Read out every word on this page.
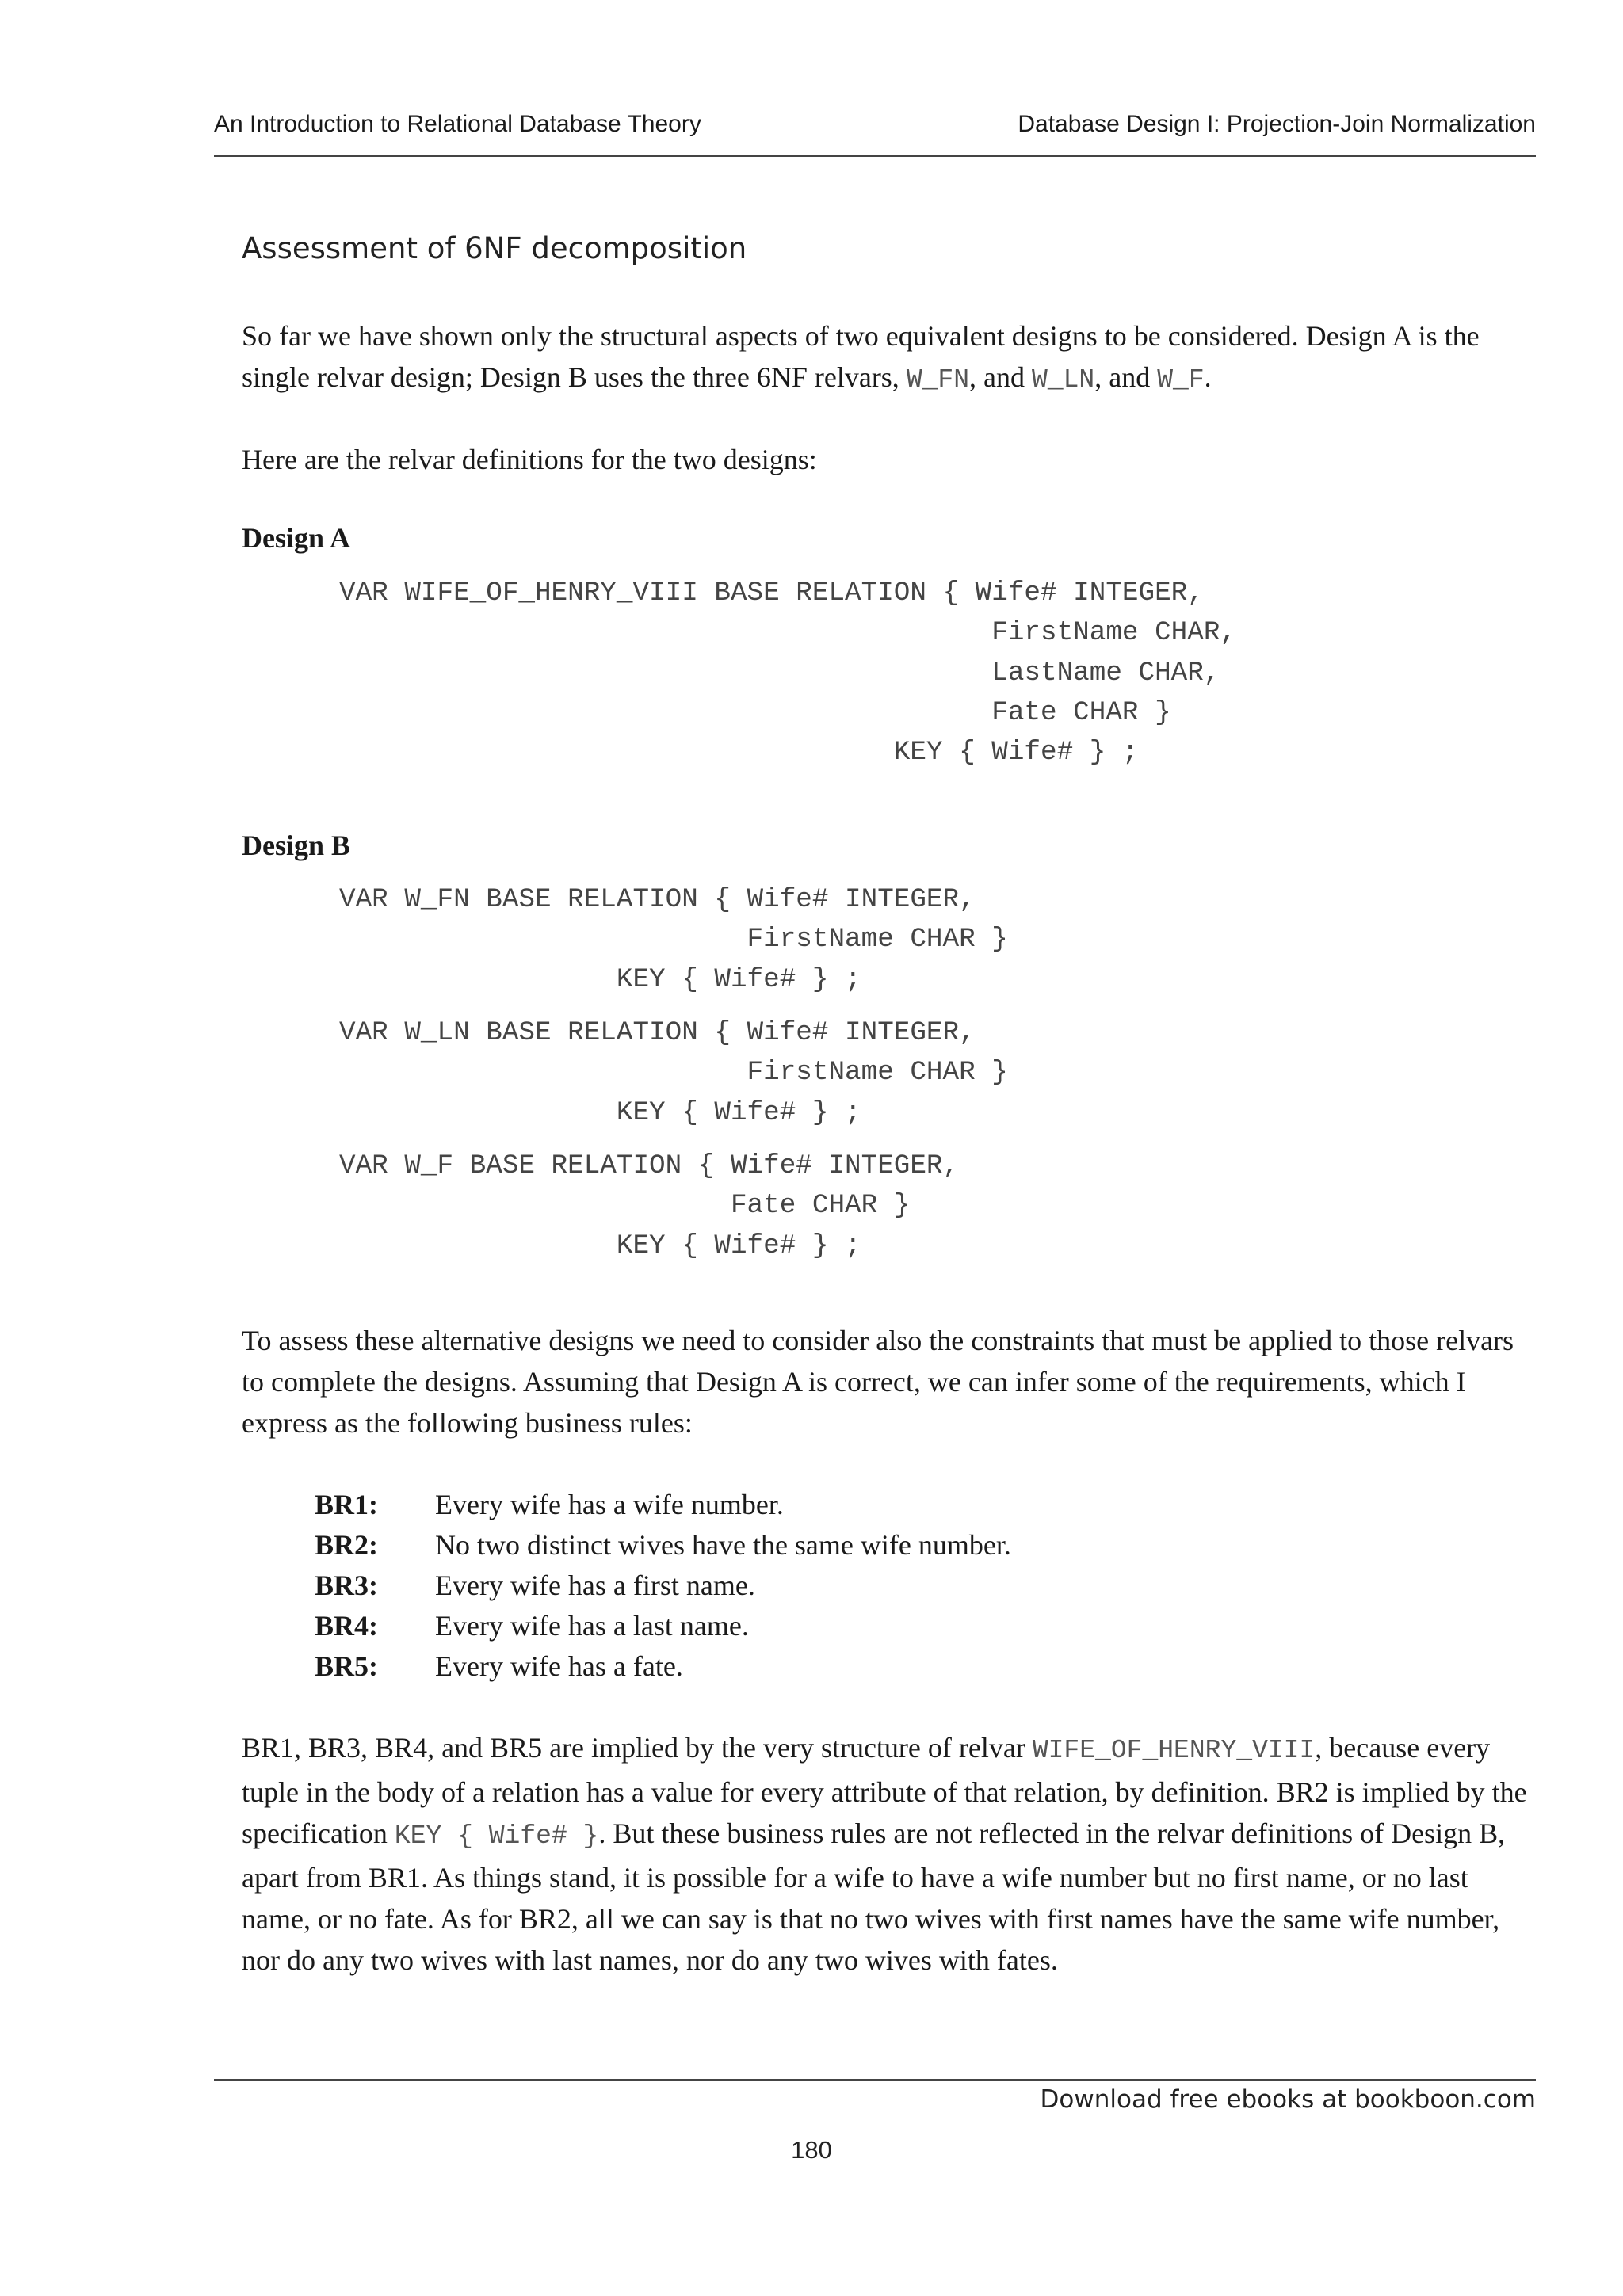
An Introduction to Relational Database Theory	Database Design I: Projection-Join Normalization
Assessment of 6NF decomposition

So far we have shown only the structural aspects of two equivalent designs to be considered. Design A is the single relvar design; Design B uses the three 6NF relvars, W_FN, and W_LN, and W_F.

Here are the relvar definitions for the two designs:

Design A
VAR WIFE_OF_HENRY_VIII BASE RELATION { Wife# INTEGER,
FirstName CHAR,
LastName CHAR,
Fate CHAR }
KEY { Wife# } ;
Design B
VAR W_FN BASE RELATION { Wife# INTEGER,
FirstName CHAR }
KEY { Wife# } ;
VAR W_LN BASE RELATION { Wife# INTEGER,
FirstName CHAR }
KEY { Wife# } ;
VAR W_F BASE RELATION { Wife# INTEGER,
Fate CHAR }
KEY { Wife# } ;

To assess these alternative designs we need to consider also the constraints that must be applied to those relvars to complete the designs. Assuming that Design A is correct, we can infer some of the requirements, which I express as the following business rules:

BR1:	Every wife has a wife number.
BR2:	No two distinct wives have the same wife number.
BR3:	Every wife has a first name.
BR4:	Every wife has a last name.
BR5:	Every wife has a fate.

BR1, BR3, BR4, and BR5 are implied by the very structure of relvar WIFE_OF_HENRY_VIII, because every tuple in the body of a relation has a value for every attribute of that relation, by definition. BR2 is implied by the specification KEY { Wife# }. But these business rules are not reflected in the relvar definitions of Design B, apart from BR1. As things stand, it is possible for a wife to have a wife number but no first name, or no last name, or no fate. As for BR2, all we can say is that no two wives with first names have the same wife number, nor do any two wives with last names, nor do any two wives with fates.

Download free ebooks at bookboon.com
180
